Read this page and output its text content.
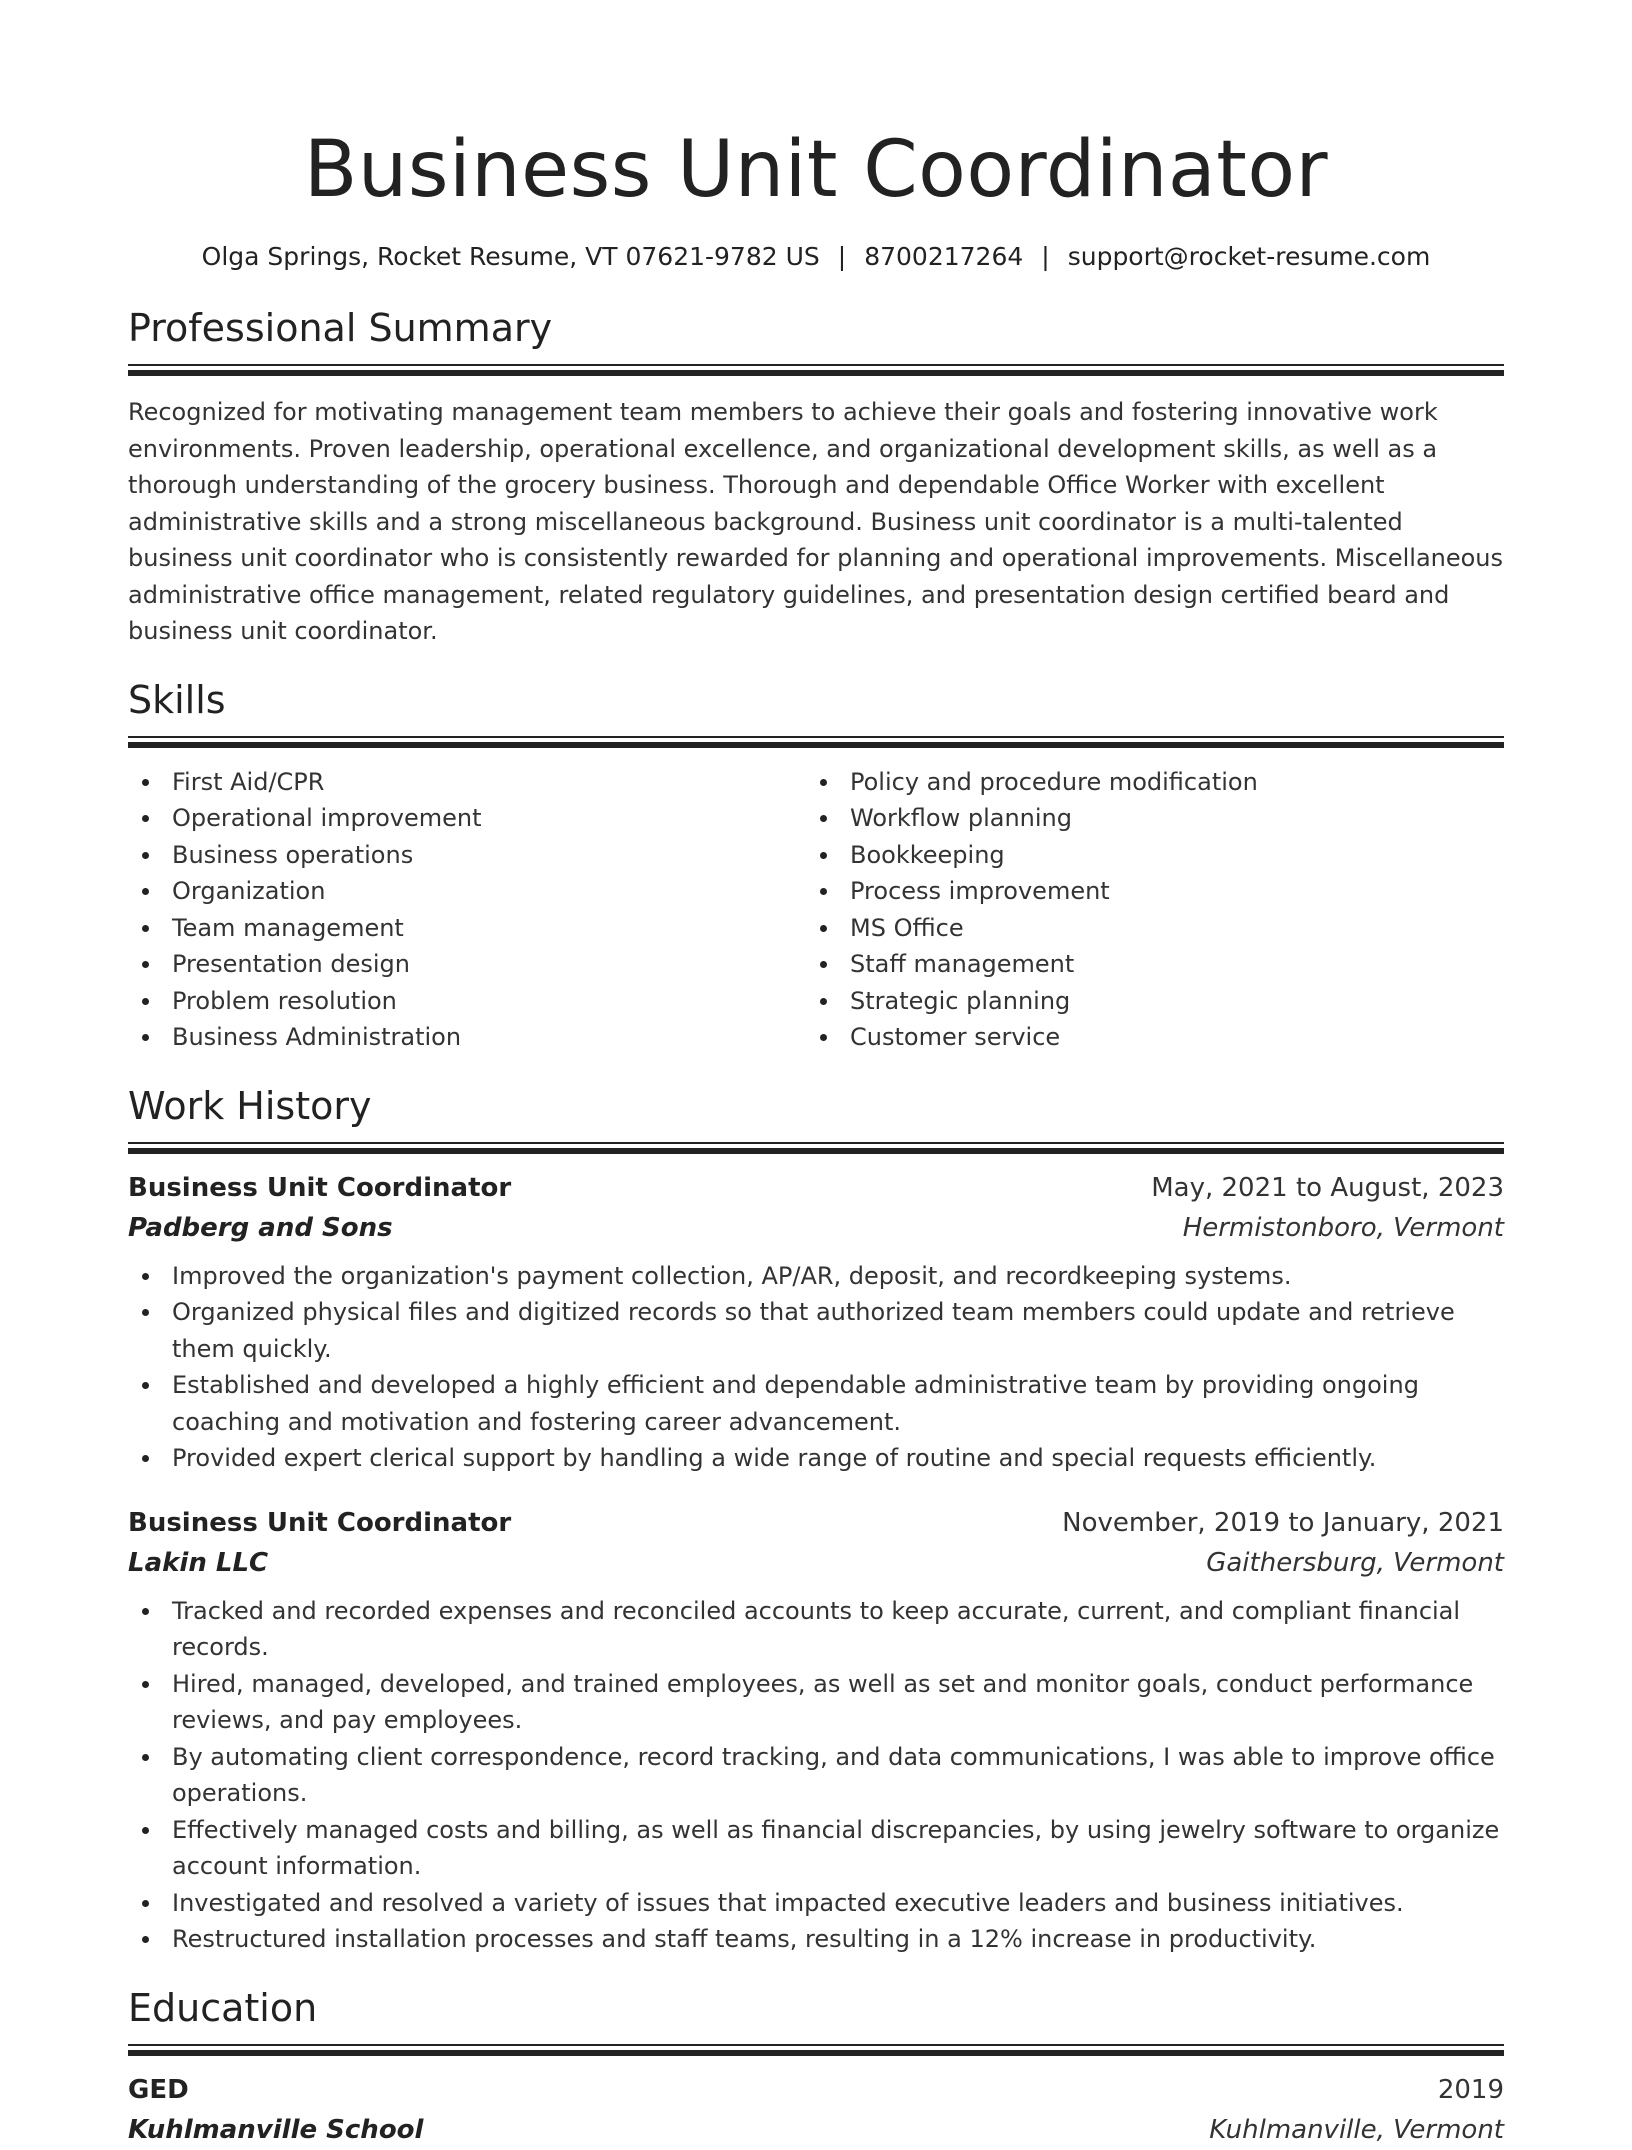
Business Unit Coordinator
Olga Springs, Rocket Resume, VT 07621-9782 US | 8700217264 | support@rocket-resume.com
Professional Summary
Recognized for motivating management team members to achieve their goals and fostering innovative work environments. Proven leadership, operational excellence, and organizational development skills, as well as a thorough understanding of the grocery business. Thorough and dependable Office Worker with excellent administrative skills and a strong miscellaneous background. Business unit coordinator is a multi-talented business unit coordinator who is consistently rewarded for planning and operational improvements. Miscellaneous administrative office management, related regulatory guidelines, and presentation design certified beard and business unit coordinator.
Skills
First Aid/CPR
Operational improvement
Business operations
Organization
Team management
Presentation design
Problem resolution
Business Administration
Policy and procedure modification
Workflow planning
Bookkeeping
Process improvement
MS Office
Staff management
Strategic planning
Customer service
Work History
Business Unit Coordinator	May, 2021 to August, 2023
Padberg and Sons	Hermistonboro, Vermont
Improved the organization's payment collection, AP/AR, deposit, and recordkeeping systems.
Organized physical files and digitized records so that authorized team members could update and retrieve them quickly.
Established and developed a highly efficient and dependable administrative team by providing ongoing coaching and motivation and fostering career advancement.
Provided expert clerical support by handling a wide range of routine and special requests efficiently.
Business Unit Coordinator	November, 2019 to January, 2021
Lakin LLC	Gaithersburg, Vermont
Tracked and recorded expenses and reconciled accounts to keep accurate, current, and compliant financial records.
Hired, managed, developed, and trained employees, as well as set and monitor goals, conduct performance reviews, and pay employees.
By automating client correspondence, record tracking, and data communications, I was able to improve office operations.
Effectively managed costs and billing, as well as financial discrepancies, by using jewelry software to organize account information.
Investigated and resolved a variety of issues that impacted executive leaders and business initiatives.
Restructured installation processes and staff teams, resulting in a 12% increase in productivity.
Education
GED	2019
Kuhlmanville School	Kuhlmanville, Vermont
